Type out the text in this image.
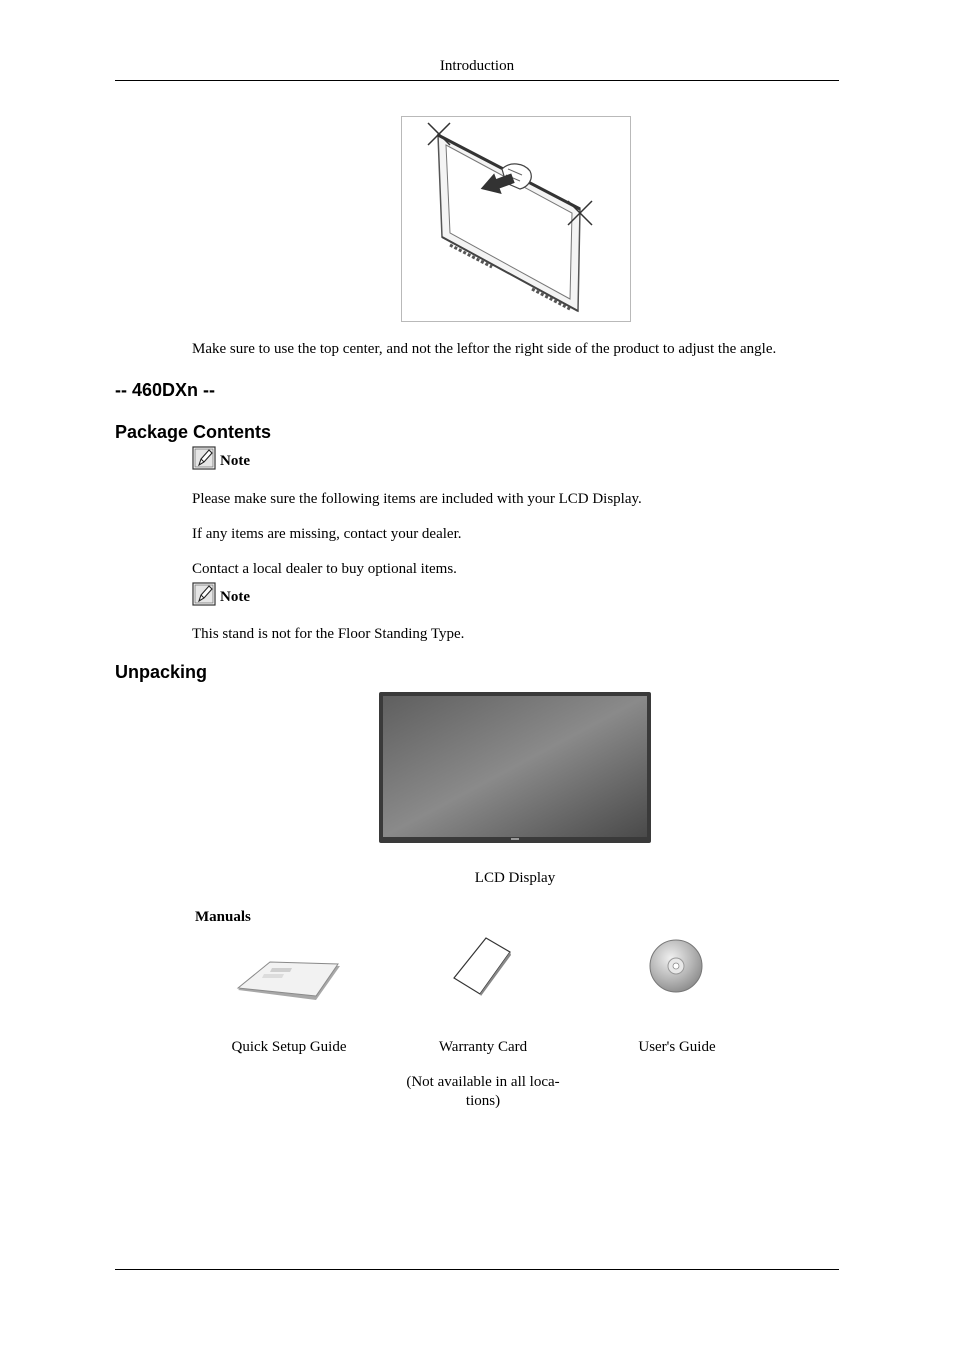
Introduction
Make sure to use the top center, and not the leftor the right side of the product to adjust the angle.
-- 460DXn --
Package Contents
Note
Please make sure the following items are included with your LCD Display.
If any items are missing, contact your dealer.
Contact a local dealer to buy optional items.
Note
This stand is not for the Floor Standing Type.
Unpacking
LCD Display
Manuals
Quick Setup Guide	Warranty Card
(Not available in all loca-
tions)
User's Guide
